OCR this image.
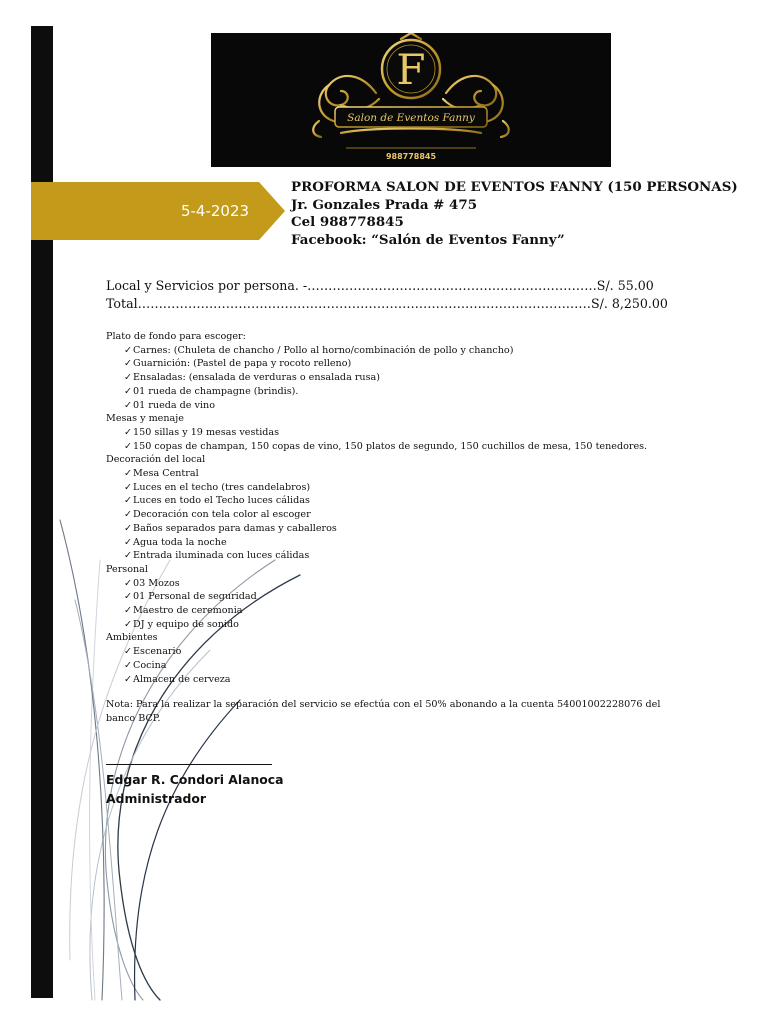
F
Salon de Eventos Fanny
988778845
5-4-2023
PROFORMA SALON DE EVENTOS FANNY (150 PERSONAS)
Jr. Gonzales Prada # 475
Cel 988778845
Facebook: “Salón de Eventos Fanny”
Local y Servicios por persona. -……………………………………………………………S/. 55.00
Total………………………………………………………………………………………………S/. 8,250.00
Plato de fondo para escoger:
✓Carnes: (Chuleta de chancho / Pollo al horno/combinación de pollo y chancho)
✓Guarnición: (Pastel de papa y rocoto relleno)
✓Ensaladas: (ensalada de verduras o ensalada rusa)
✓01 rueda de champagne (brindis).
✓01 rueda de vino
Mesas y menaje
✓150 sillas y 19 mesas vestidas
✓150 copas de champan, 150 copas de vino, 150 platos de segundo, 150 cuchillos de mesa, 150 tenedores.
Decoración del local
✓Mesa Central
✓Luces en el techo (tres candelabros)
✓Luces en todo el Techo luces cálidas
✓Decoración con tela color al escoger
✓Baños separados para damas y caballeros
✓Agua toda la noche
✓Entrada iluminada con luces cálidas
Personal
✓03 Mozos
✓01 Personal de seguridad
✓Maestro de ceremonia
✓DJ y equipo de sonido
Ambientes
✓Escenario
✓Cocina
✓Almacen de cerveza
Nota: Para la realizar la separación del servicio se efectúa con el 50% abonando a la cuenta 54001002228076 del banco BCP.
Edgar R. Condori Alanoca
Administrador
